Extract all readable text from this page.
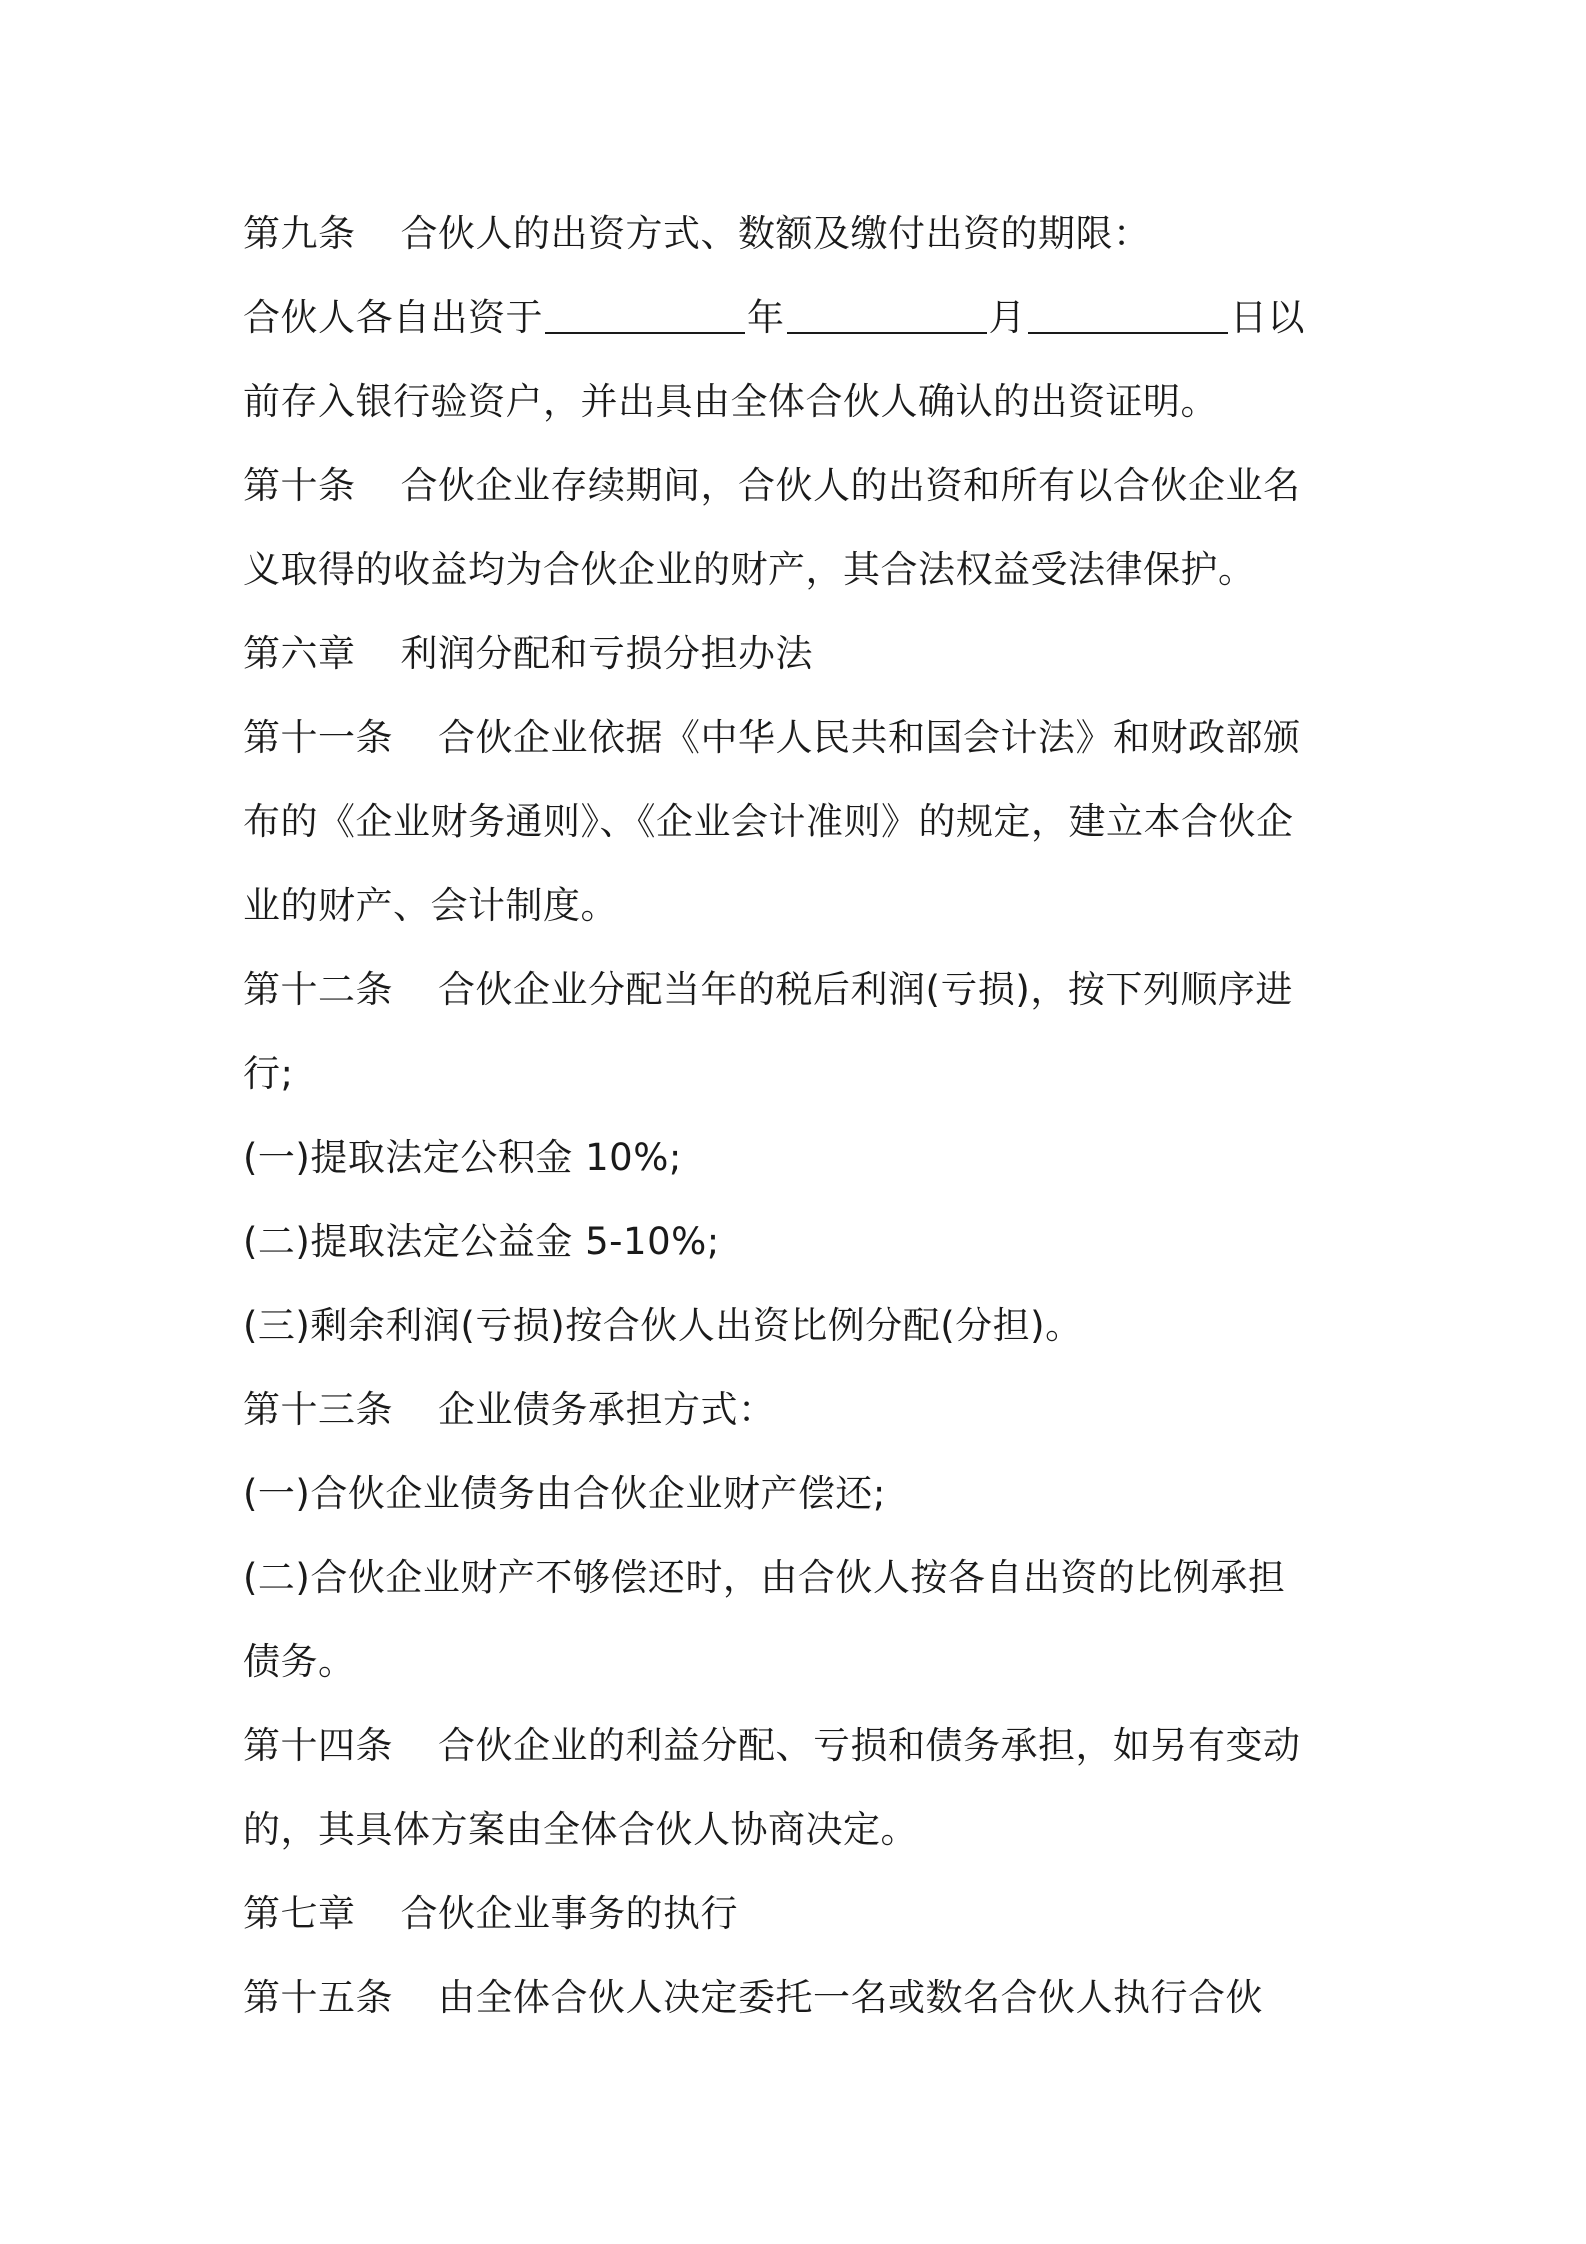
第九条 合伙人的出资方式、数额及缴付出资的期限：
合伙人各自出资于	年	月	日以
前存入银行验资户，并出具由全体合伙人确认的出资证明。
第十条 合伙企业存续期间，合伙人的出资和所有以合伙企业名
义取得的收益均为合伙企业的财产，其合法权益受法律保护。
第六章 利润分配和亏损分担办法
第十一条 合伙企业依据《中华人民共和国会计法》和财政部颁
布的《企业财务通则》、《企业会计准则》的规定，建立本合伙企
业的财产、会计制度。
第十二条 合伙企业分配当年的税后利润(亏损)，按下列顺序进
行;
(一)提取法定公积金 10%;
(二)提取法定公益金 5-10%;
(三)剩余利润(亏损)按合伙人出资比例分配(分担)。
第十三条 企业债务承担方式：
(一)合伙企业债务由合伙企业财产偿还;
(二)合伙企业财产不够偿还时，由合伙人按各自出资的比例承担
债务。
第十四条 合伙企业的利益分配、亏损和债务承担，如另有变动
的，其具体方案由全体合伙人协商决定。
第七章 合伙企业事务的执行
第十五条 由全体合伙人决定委托一名或数名合伙人执行合伙
